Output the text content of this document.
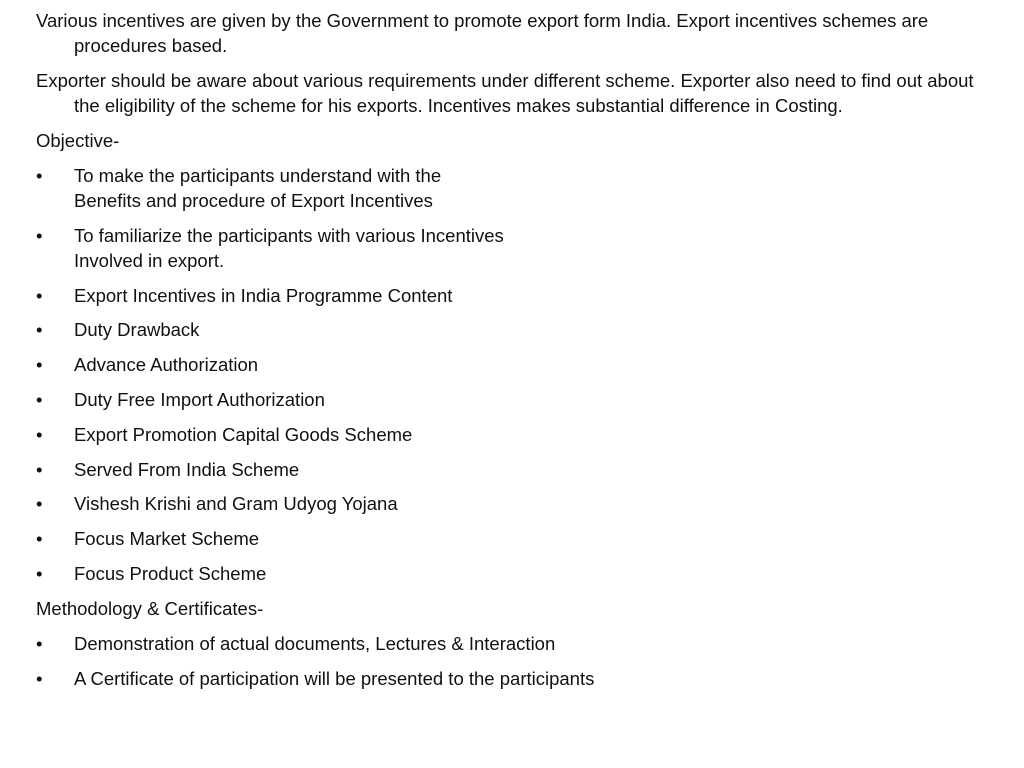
Various incentives are given by the Government to promote export form India. Export incentives schemes are procedures based.

Exporter should be aware about various requirements under different scheme. Exporter also need to find out about the eligibility of the scheme for his exports. Incentives makes substantial difference in Costing.

Objective-

•	To make the participants understand with the
Benefits and procedure of Export Incentives
•	To familiarize the participants with various Incentives
Involved in export.
•	Export Incentives in India Programme Content
•	Duty Drawback
•	Advance Authorization
•	Duty Free Import Authorization
•	Export Promotion Capital Goods Scheme
•	Served From India Scheme
•	Vishesh Krishi and Gram Udyog Yojana
•	Focus Market Scheme
•	Focus Product Scheme

Methodology & Certificates-

•	Demonstration of actual documents, Lectures & Interaction
•	A Certificate of participation will be presented to the participants
